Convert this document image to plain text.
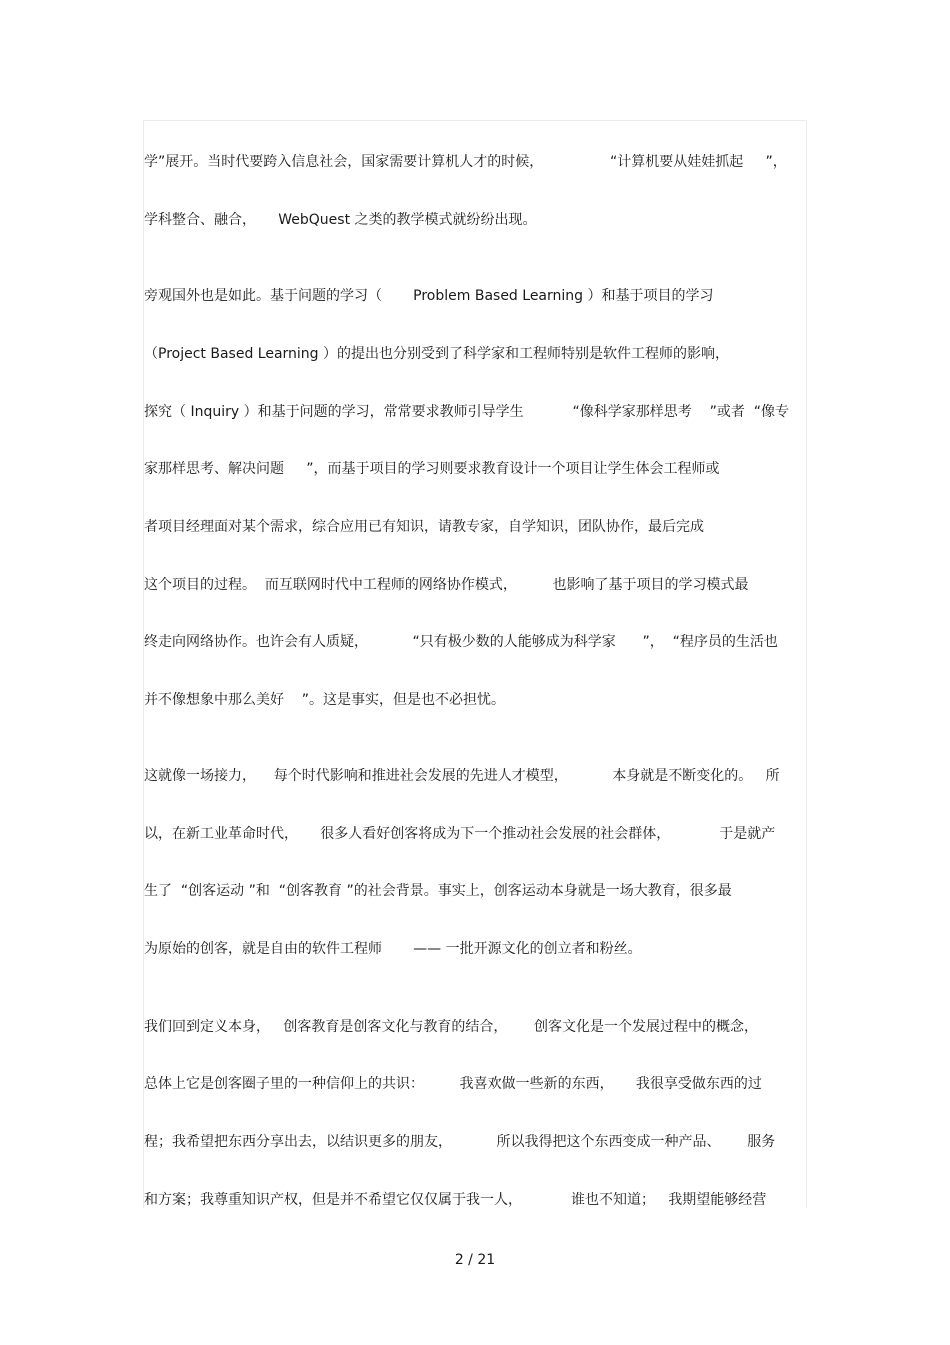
学”展开。当时代要跨入信息社会，国家需要计算机人才的时候，               “计算机要从娃娃抓起     ”，
学科整合、融合，     WebQuest 之类的教学模式就纷纷出现。
旁观国外也是如此。基于问题的学习（       Problem Based Learning ）和基于项目的学习
（Project Based Learning ）的提出也分别受到了科学家和工程师特别是软件工程师的影响，
探究（ Inquiry ）和基于问题的学习，常常要求教师引导学生           “像科学家那样思考    ”或者  “像专
家那样思考、解决问题     ”，而基于项目的学习则要求教育设计一个项目让学生体会工程师或
者项目经理面对某个需求，综合应用已有知识，请教专家，自学知识，团队协作，最后完成
这个项目的过程。  而互联网时代中工程师的网络协作模式，        也影响了基于项目的学习模式最
终走向网络协作。也许会有人质疑，          “只有极少数的人能够成为科学家      ”，  “程序员的生活也
并不像想象中那么美好    ”。这是事实，但是也不必担忧。
这就像一场接力，    每个时代影响和推进社会发展的先进人才模型，          本身就是不断变化的。   所
以，在新工业革命时代，     很多人看好创客将成为下一个推动社会发展的社会群体，           于是就产
生了  “创客运动 ”和  “创客教育 ”的社会背景。事实上，创客运动本身就是一场大教育，很多最
为原始的创客，就是自由的软件工程师       —— 一批开源文化的创立者和粉丝。
我们回到定义本身，   创客教育是创客文化与教育的结合，      创客文化是一个发展过程中的概念，
总体上它是创客圈子里的一种信仰上的共识：        我喜欢做一些新的东西，     我很享受做东西的过
程；我希望把东西分享出去，以结识更多的朋友，          所以我得把这个东西变成一种产品、      服务
和方案；我尊重知识产权，但是并不希望它仅仅属于我一人，           谁也不知道；   我期望能够经营
2 / 21
